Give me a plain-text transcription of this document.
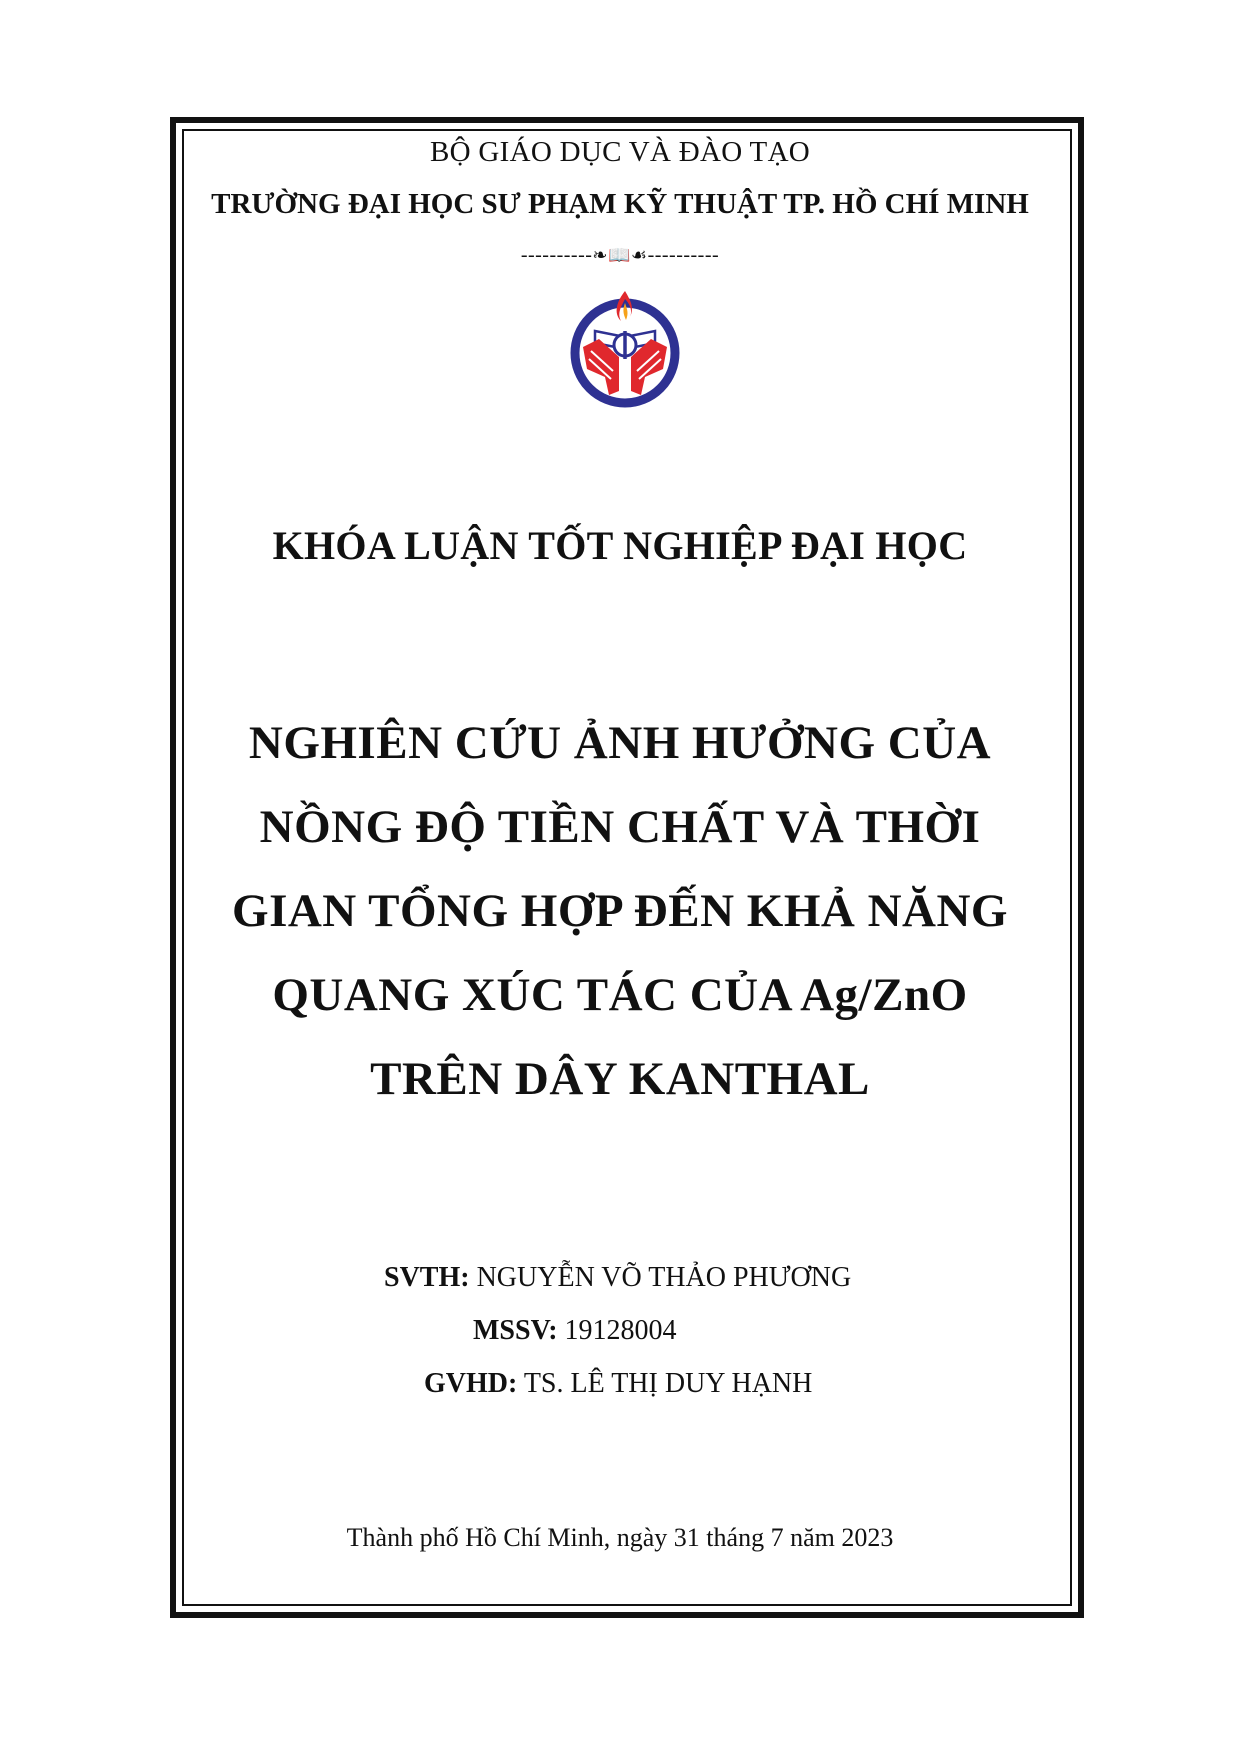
BỘ GIÁO DỤC VÀ ĐÀO TẠO
TRƯỜNG ĐẠI HỌC SƯ PHẠM KỸ THUẬT TP. HỒ CHÍ MINH
----------❧📖☙----------
KHÓA LUẬN TỐT NGHIỆP ĐẠI HỌC
NGHIÊN CỨU ẢNH HƯỞNG CỦA
NỒNG ĐỘ TIỀN CHẤT VÀ THỜI
GIAN TỔNG HỢP ĐẾN KHẢ NĂNG
QUANG XÚC TÁC CỦA Ag/ZnO
TRÊN DÂY KANTHAL
SVTH: NGUYỄN VÕ THẢO PHƯƠNG
MSSV: 19128004
GVHD: TS. LÊ THỊ DUY HẠNH
Thành phố Hồ Chí Minh, ngày 31 tháng 7 năm 2023
